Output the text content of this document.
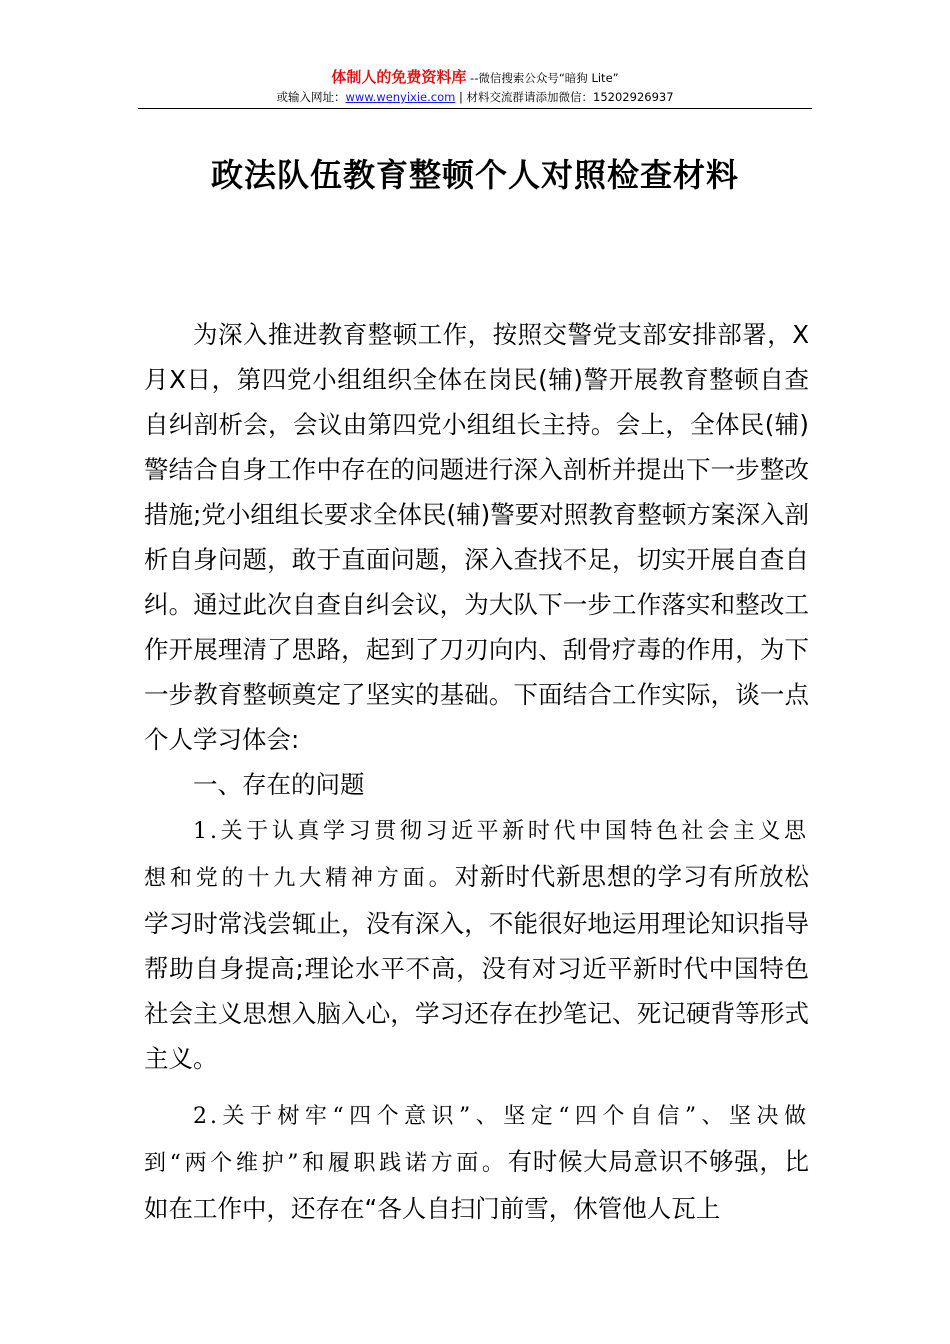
体制人的免费资料库 --微信搜索公众号“暗狗 Lite”
或输入网址：www.wenyixie.com | 材料交流群请添加微信：15202926937
政法队伍教育整顿个人对照检查材料

为深入推进教育整顿工作，按照交警党支部安排部署，X月X日，第四党小组组织全体在岗民(辅)警开展教育整顿自查自纠剖析会，会议由第四党小组组长主持。会上，全体民(辅)警结合自身工作中存在的问题进行深入剖析并提出下一步整改措施;党小组组长要求全体民(辅)警要对照教育整顿方案深入剖析自身问题，敢于直面问题，深入查找不足，切实开展自查自纠。通过此次自查自纠会议，为大队下一步工作落实和整改工作开展理清了思路，起到了刀刃向内、刮骨疗毒的作用，为下一步教育整顿奠定了坚实的基础。下面结合工作实际，谈一点个人学习体会:

一、存在的问题

1.关于认真学习贯彻习近平新时代中国特色社会主义思想和党的十九大精神方面。对新时代新思想的学习有所放松学习时常浅尝辄止，没有深入，不能很好地运用理论知识指导帮助自身提高;理论水平不高，没有对习近平新时代中国特色社会主义思想入脑入心，学习还存在抄笔记、死记硬背等形式主义。

2.关于树牢“四个意识”、坚定“四个自信”、坚决做到“两个维护”和履职践诺方面。有时候大局意识不够强，比如在工作中，还存在“各人自扫门前雪，休管他人瓦上
